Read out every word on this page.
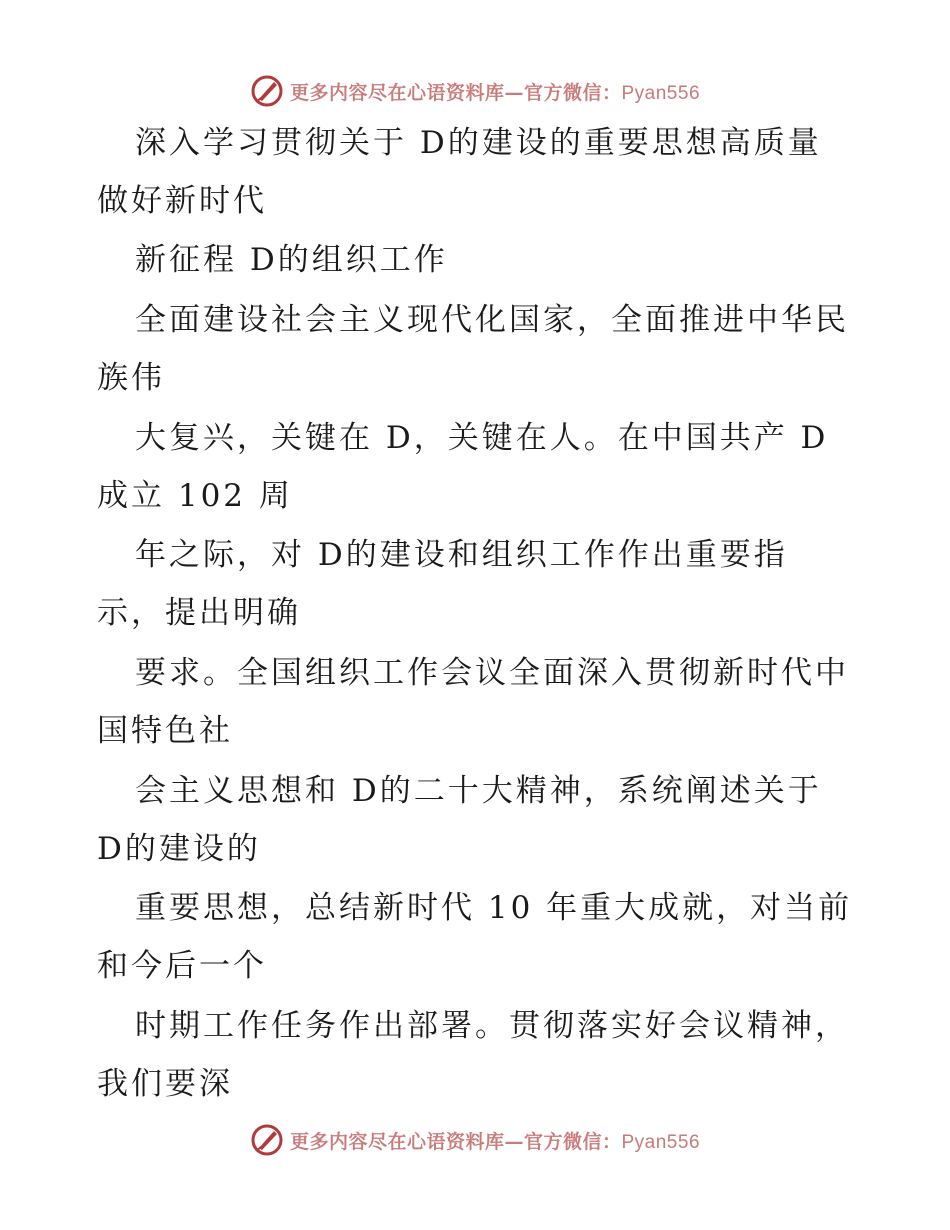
更多内容尽在心语资料库—官方微信：Pyan556
深入学习贯彻关于 D的建设的重要思想高质量
做好新时代
新征程 D的组织工作
全面建设社会主义现代化国家，全面推进中华民
族伟
大复兴，关键在 D，关键在人。在中国共产 D
成立 102 周
年之际，对 D的建设和组织工作作出重要指
示，提出明确
要求。全国组织工作会议全面深入贯彻新时代中
国特色社
会主义思想和 D的二十大精神，系统阐述关于
D的建设的
重要思想，总结新时代 10 年重大成就，对当前
和今后一个
时期工作任务作出部署。贯彻落实好会议精神，
我们要深
更多内容尽在心语资料库—官方微信：Pyan556
